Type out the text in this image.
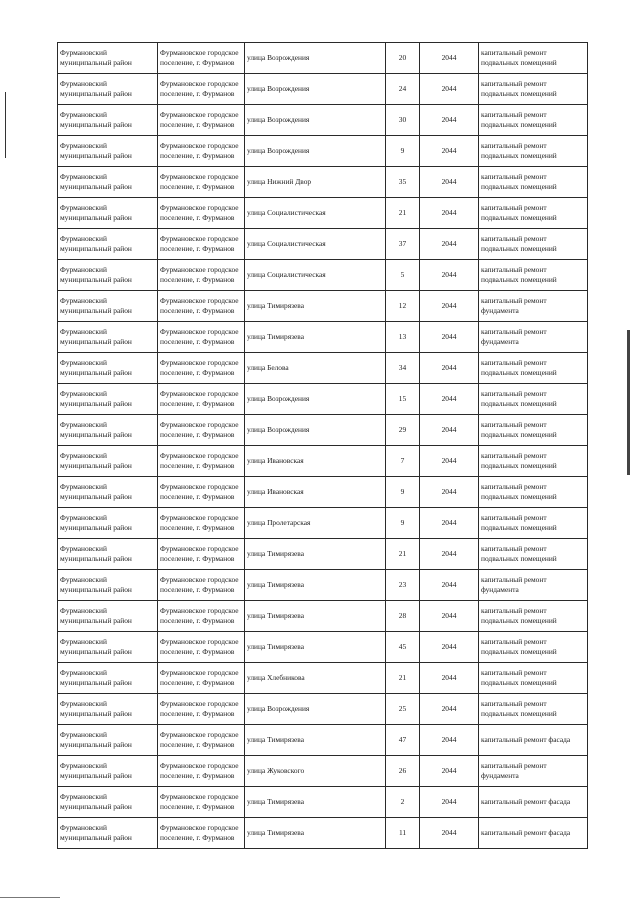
Фурмановский муниципальный район	Фурмановское городское поселение, г. Фурманов	улица Возрождения	20	2044	капитальный ремонт подвальных помещений
Фурмановский муниципальный район	Фурмановское городское поселение, г. Фурманов	улица Возрождения	24	2044	капитальный ремонт подвальных помещений
Фурмановский муниципальный район	Фурмановское городское поселение, г. Фурманов	улица Возрождения	30	2044	капитальный ремонт подвальных помещений
Фурмановский муниципальный район	Фурмановское городское поселение, г. Фурманов	улица Возрождения	9	2044	капитальный ремонт подвальных помещений
Фурмановский муниципальный район	Фурмановское городское поселение, г. Фурманов	улица Нижний Двор	35	2044	капитальный ремонт подвальных помещений
Фурмановский муниципальный район	Фурмановское городское поселение, г. Фурманов	улица Социалистическая	21	2044	капитальный ремонт подвальных помещений
Фурмановский муниципальный район	Фурмановское городское поселение, г. Фурманов	улица Социалистическая	37	2044	капитальный ремонт подвальных помещений
Фурмановский муниципальный район	Фурмановское городское поселение, г. Фурманов	улица Социалистическая	5	2044	капитальный ремонт подвальных помещений
Фурмановский муниципальный район	Фурмановское городское поселение, г. Фурманов	улица Тимирязева	12	2044	капитальный ремонт фундамента
Фурмановский муниципальный район	Фурмановское городское поселение, г. Фурманов	улица Тимирязева	13	2044	капитальный ремонт фундамента
Фурмановский муниципальный район	Фурмановское городское поселение, г. Фурманов	улица Белова	34	2044	капитальный ремонт подвальных помещений
Фурмановский муниципальный район	Фурмановское городское поселение, г. Фурманов	улица Возрождения	15	2044	капитальный ремонт подвальных помещений
Фурмановский муниципальный район	Фурмановское городское поселение, г. Фурманов	улица Возрождения	29	2044	капитальный ремонт подвальных помещений
Фурмановский муниципальный район	Фурмановское городское поселение, г. Фурманов	улица Ивановская	7	2044	капитальный ремонт подвальных помещений
Фурмановский муниципальный район	Фурмановское городское поселение, г. Фурманов	улица Ивановская	9	2044	капитальный ремонт подвальных помещений
Фурмановский муниципальный район	Фурмановское городское поселение, г. Фурманов	улица Пролетарская	9	2044	капитальный ремонт подвальных помещений
Фурмановский муниципальный район	Фурмановское городское поселение, г. Фурманов	улица Тимирязева	21	2044	капитальный ремонт подвальных помещений
Фурмановский муниципальный район	Фурмановское городское поселение, г. Фурманов	улица Тимирязева	23	2044	капитальный ремонт фундамента
Фурмановский муниципальный район	Фурмановское городское поселение, г. Фурманов	улица Тимирязева	28	2044	капитальный ремонт подвальных помещений
Фурмановский муниципальный район	Фурмановское городское поселение, г. Фурманов	улица Тимирязева	45	2044	капитальный ремонт подвальных помещений
Фурмановский муниципальный район	Фурмановское городское поселение, г. Фурманов	улица Хлебникова	21	2044	капитальный ремонт подвальных помещений
Фурмановский муниципальный район	Фурмановское городское поселение, г. Фурманов	улица Возрождения	25	2044	капитальный ремонт подвальных помещений
Фурмановский муниципальный район	Фурмановское городское поселение, г. Фурманов	улица Тимирязева	47	2044	капитальный ремонт фасада
Фурмановский муниципальный район	Фурмановское городское поселение, г. Фурманов	улица Жуковского	26	2044	капитальный ремонт фундамента
Фурмановский муниципальный район	Фурмановское городское поселение, г. Фурманов	улица Тимирязева	2	2044	капитальный ремонт фасада
Фурмановский муниципальный район	Фурмановское городское поселение, г. Фурманов	улица Тимирязева	11	2044	капитальный ремонт фасада
